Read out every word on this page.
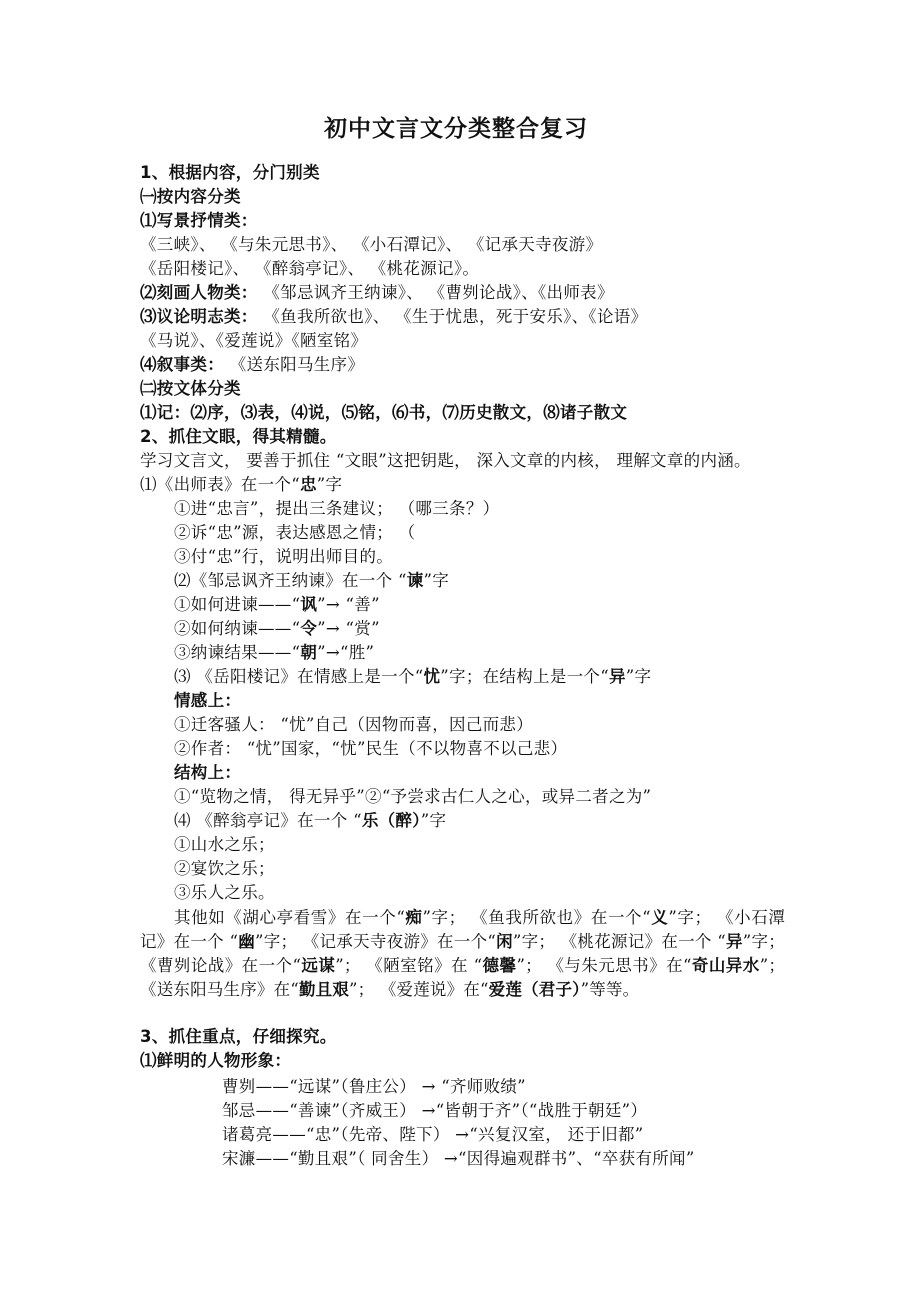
初中文言文分类整合复习
1、根据内容，分门别类
㈠按内容分类
⑴写景抒情类：
《三峡》、 《与朱元思书》、 《小石潭记》、 《记承天寺夜游》
《岳阳楼记》、 《醉翁亭记》、 《桃花源记》。
⑵刻画人物类： 《邹忌讽齐王纳谏》、 《曹刿论战》、《出师表》
⑶议论明志类： 《鱼我所欲也》、 《生于忧患，死于安乐》、《论语》
《马说》、《爱莲说》《陋室铭》
⑷叙事类： 《送东阳马生序》
㈡按文体分类
⑴记：⑵序，⑶表，⑷说，⑸铭，⑹书，⑺历史散文，⑻诸子散文
2、抓住文眼，得其精髓。
学习文言文， 要善于抓住 “文眼”这把钥匙， 深入文章的内核， 理解文章的内涵。
⑴《出师表》在一个“忠”字
①进“忠言”，提出三条建议； （哪三条？）
②诉“忠”源，表达感恩之情； （
③付“忠”行，说明出师目的。
⑵《邹忌讽齐王纳谏》在一个 “谏”字
①如何进谏——“讽”→ “善”
②如何纳谏——“令”→ “赏”
③纳谏结果——“朝”→“胜”
⑶ 《岳阳楼记》在情感上是一个“忧”字；在结构上是一个“异”字
情感上：
①迁客骚人： “忧”自己（因物而喜，因己而悲）
②作者： “忧”国家，“忧”民生（不以物喜不以己悲）
结构上：
①“览物之情， 得无异乎”②“予尝求古仁人之心，或异二者之为”
⑷ 《醉翁亭记》在一个 “乐（醉）”字
①山水之乐；
②宴饮之乐；
③乐人之乐。
其他如《湖心亭看雪》在一个“痴”字； 《鱼我所欲也》在一个“义”字； 《小石潭记》在一个 “幽”字； 《记承天寺夜游》在一个“闲”字； 《桃花源记》在一个 “异”字； 《曹刿论战》在一个“远谋”； 《陋室铭》在 “德馨”； 《与朱元思书》在“奇山异水”； 《送东阳马生序》在“勤且艰”； 《爱莲说》在“爱莲（君子）”等等。
3、抓住重点，仔细探究。
⑴鲜明的人物形象：
曹刿——“远谋”（鲁庄公） → “齐师败绩”
邹忌——“善谏”（齐威王） →“皆朝于齐”（“战胜于朝廷”）
诸葛亮——“忠”（先帝、陛下） →“兴复汉室， 还于旧都”
宋濂——“勤且艰”（ 同舍生） →“因得遍观群书”、“卒获有所闻”
